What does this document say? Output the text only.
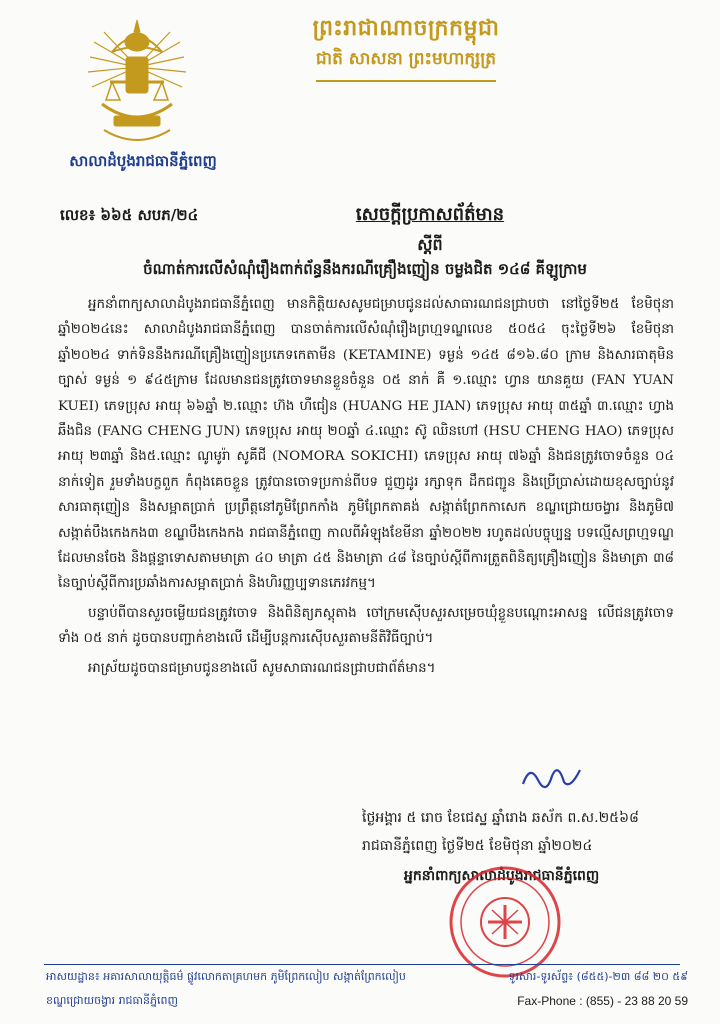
ព្រះរាជាណាចក្រកម្ពុជា
ជាតិ សាសនា ព្រះមហាក្សត្រ
សាលាដំបូងរាជធានីភ្នំពេញ
លេខ៖ ៦៦៥ សបភ/២៤	សេចក្ដីប្រកាសព័ត៌មាន
ស្ដីពី
ចំណាត់ការលើសំណុំរឿងពាក់ព័ន្ធនឹងករណីគ្រឿងញៀន ចម្លងជិត ១៤៨ គីឡូក្រាម

អ្នកនាំពាក្យសាលាដំបូងរាជធានីភ្នំពេញ មានកិត្តិយសសូមជម្រាបជូនដល់សាធារណជនជ្រាបថា នៅថ្ងៃទី២៥ ខែមិថុនា ឆ្នាំ២០២៤នេះ សាលាដំបូងរាជធានីភ្នំពេញ បានចាត់ការលើសំណុំរឿងព្រហ្មទណ្ឌលេខ ៥០៥៤ ចុះថ្ងៃទី២៦ ខែមិថុនា ឆ្នាំ២០២៤ ទាក់ទិននឹងករណីគ្រឿងញៀនប្រភេទកេតាមីន (KETAMINE) ទម្ងន់ ១៤៥ ៨១៦.៨០ ក្រាម និងសារធាតុមិនច្បាស់ ទម្ងន់ ១ ៩៤៥ក្រាម ដែលមានជនត្រូវចោទមានខ្លួនចំនួន ០៥ នាក់ គឺ ១.ឈ្មោះ ហ្វាន យានគួយ (FAN YUAN KUEI) ភេទប្រុស អាយុ ៦៦ឆ្នាំ ២.ឈ្មោះ ហ៊ង ហឺជៀន (HUANG HE JIAN) ភេទប្រុស អាយុ ៣៥ឆ្នាំ ៣.ឈ្មោះ ហ្វាង ឆឹងជិន (FANG CHENG JUN) ភេទប្រុស អាយុ ២០ឆ្នាំ ៤.ឈ្មោះ ស៊ូ ឈិនហៅ (HSU CHENG HAO) ភេទប្រុស អាយុ ២៣ឆ្នាំ និង៥.ឈ្មោះ ណូមូរ៉ា សូគីជី (NOMORA SOKICHI) ភេទប្រុស អាយុ ៧៦ឆ្នាំ និងជនត្រូវចោទចំនួន ០៤ នាក់ទៀត រួមទាំងបក្ខពួក កំពុងគេចខ្លួន ត្រូវបានចោទប្រកាន់ពីបទ ជួញដូរ រក្សាទុក ដឹកជញ្ជូន និងប្រើប្រាស់ដោយខុសច្បាប់នូវសារធាតុញៀន និងសម្អាតប្រាក់ ប្រព្រឹត្តនៅភូមិព្រែកកាំង ភូមិព្រែកតាគង់ សង្កាត់ព្រែកកាសេក ខណ្ឌជ្រោយចង្វារ និងភូមិ៧ សង្កាត់បឹងកេងកង៣ ខណ្ឌបឹងកេងកង រាជធានីភ្នំពេញ កាលពីអំឡុងខែមីនា ឆ្នាំ២០២២ រហូតដល់បច្ចុប្បន្ន បទល្មើសព្រហ្មទណ្ឌដែលមានចែង និងផ្ដន្ទាទោសតាមមាត្រា ៤០ មាត្រា ៤៥ និងមាត្រា ៤៨ នៃច្បាប់ស្ដីពីការត្រួតពិនិត្យគ្រឿងញៀន និងមាត្រា ៣៨ នៃច្បាប់ស្ដីពីការប្រឆាំងការសម្អាតប្រាក់ និងហិរញ្ញប្បទានភេរវកម្ម។

បន្ទាប់ពីបានសួរចម្លើយជនត្រូវចោទ និងពិនិត្យភស្តុតាង ចៅក្រមស៊ើបសួរសម្រេចឃុំខ្លួនបណ្ដោះអាសន្ន លើជនត្រូវចោទទាំង ០៥ នាក់ ដូចបានបញ្ជាក់ខាងលើ ដើម្បីបន្តការស៊ើបសួរតាមនីតិវិធីច្បាប់។

អាស្រ័យដូចបានជម្រាបជូនខាងលើ សូមសាធារណជនជ្រាបជាព័ត៌មាន។

ថ្ងៃអង្គារ ៥ រោច ខែជេស្ឋ ឆ្នាំរោង ឆស័ក ព.ស.២៥៦៨
រាជធានីភ្នំពេញ ថ្ងៃទី២៥ ខែមិថុនា ឆ្នាំ២០២៤
អ្នកនាំពាក្យសាលាដំបូងរាជធានីភ្នំពេញ
អាសយដ្ឋាន៖ អគារសាលាយុត្តិធម៌ ផ្លូវលោកតាគ្រហមក ភូមិព្រែកលៀប សង្កាត់ព្រែកលៀប
ខណ្ឌជ្រោយចង្វារ រាជធានីភ្នំពេញ
ទូរសារ-ទូរស័ព្ទ៖ (៨៥៥)-២៣ ៨៨ ២០ ៥៩
Fax-Phone : (855) - 23 88 20 59
